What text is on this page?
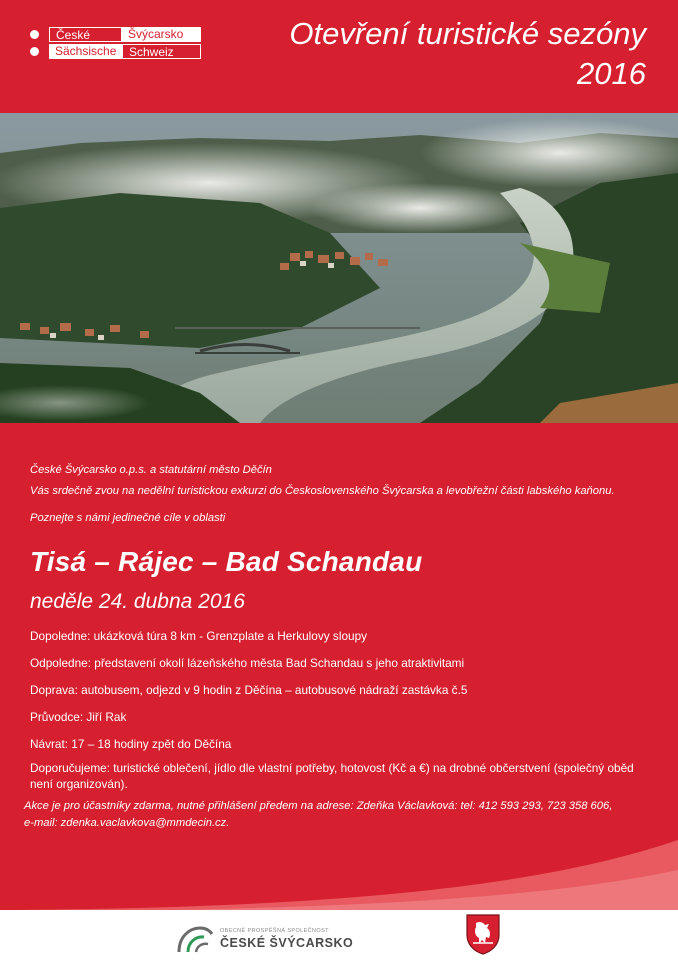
České	Švýcarsko
Sächsische	Schweiz
Otevření turistické sezóny
2016
České Švýcarsko o.p.s. a statutární město Děčín
Vás srdečně zvou na nedělní turistickou exkurzi do Československého Švýcarska a levobřežní části labského kaňonu.
Poznejte s námi jedinečné cíle v oblasti
Tisá – Rájec – Bad Schandau
neděle 24. dubna 2016
Dopoledne: ukázková túra 8 km - Grenzplate a Herkulovy sloupy
Odpoledne: představení okolí lázeňského města Bad Schandau s jeho atraktivitami
Doprava: autobusem, odjezd v 9 hodin z Děčína – autobusové nádraží zastávka č.5
Průvodce: Jiří Rak
Návrat: 17 – 18 hodiny zpět do Děčína
Doporučujeme: turistické oblečení, jídlo dle vlastní potřeby, hotovost (Kč a €) na drobné občerstvení (společný oběd není organizován).
Akce je pro účastníky zdarma, nutné přihlášení předem na adrese: Zdeňka Václavková: tel: 412 593 293, 723 358 606,
e-mail: zdenka.vaclavkova@mmdecin.cz.
OBECNĚ PROSPĚŠNÁ SPOLEČNOST
ČESKÉ ŠVÝCARSKO
